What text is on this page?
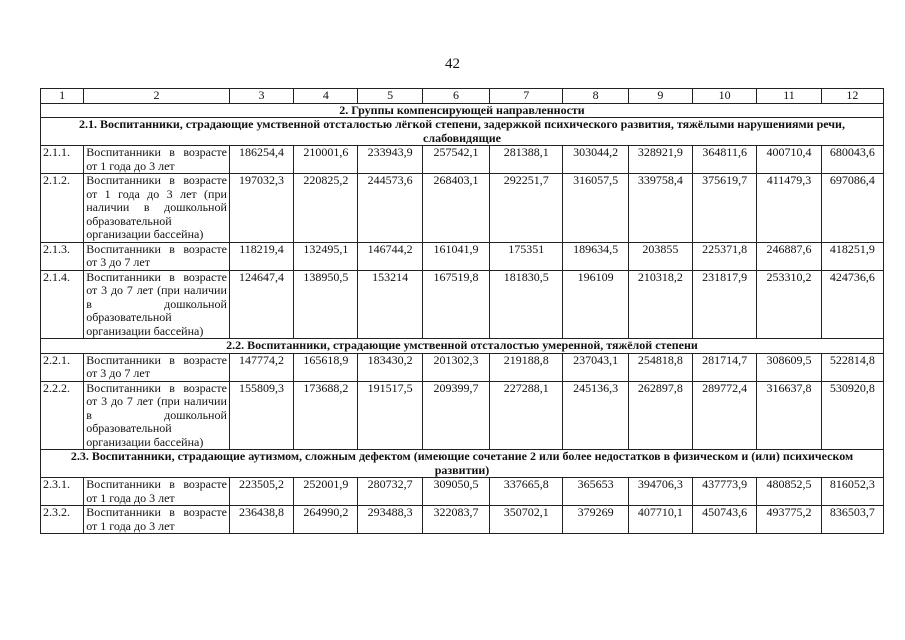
42
1	2	3	4	5	6	7	8	9	10	11	12
2. Группы компенсирующей направленности											
2.1. Воспитанники, страдающие умственной отсталостью лёгкой степени, задержкой психического развития, тяжёлыми нарушениями речи, слабовидящие											
2.1.1.	Воспитанники в возрасте от 1 года до 3 лет	186254,4	210001,6	233943,9	257542,1	281388,1	303044,2	328921,9	364811,6	400710,4	680043,6
2.1.2.	Воспитанники в возрасте от 1 года до 3 лет (при наличии в дошкольной образовательной организации бассейна)	197032,3	220825,2	244573,6	268403,1	292251,7	316057,5	339758,4	375619,7	411479,3	697086,4
2.1.3.	Воспитанники в возрасте от 3 до 7 лет	118219,4	132495,1	146744,2	161041,9	175351	189634,5	203855	225371,8	246887,6	418251,9
2.1.4.	Воспитанники в возрасте от 3 до 7 лет (при наличии в дошкольной образовательной организации бассейна)	124647,4	138950,5	153214	167519,8	181830,5	196109	210318,2	231817,9	253310,2	424736,6
2.2. Воспитанники, страдающие умственной отсталостью умеренной, тяжёлой степени											
2.2.1.	Воспитанники в возрасте от 3 до 7 лет	147774,2	165618,9	183430,2	201302,3	219188,8	237043,1	254818,8	281714,7	308609,5	522814,8
2.2.2.	Воспитанники в возрасте от 3 до 7 лет (при наличии в дошкольной образовательной организации бассейна)	155809,3	173688,2	191517,5	209399,7	227288,1	245136,3	262897,8	289772,4	316637,8	530920,8
2.3. Воспитанники, страдающие аутизмом, сложным дефектом (имеющие сочетание 2 или более недостатков в физическом и (или) психическом развитии)											
2.3.1.	Воспитанники в возрасте от 1 года до 3 лет	223505,2	252001,9	280732,7	309050,5	337665,8	365653	394706,3	437773,9	480852,5	816052,3
2.3.2.	Воспитанники в возрасте от 1 года до 3 лет	236438,8	264990,2	293488,3	322083,7	350702,1	379269	407710,1	450743,6	493775,2	836503,7
